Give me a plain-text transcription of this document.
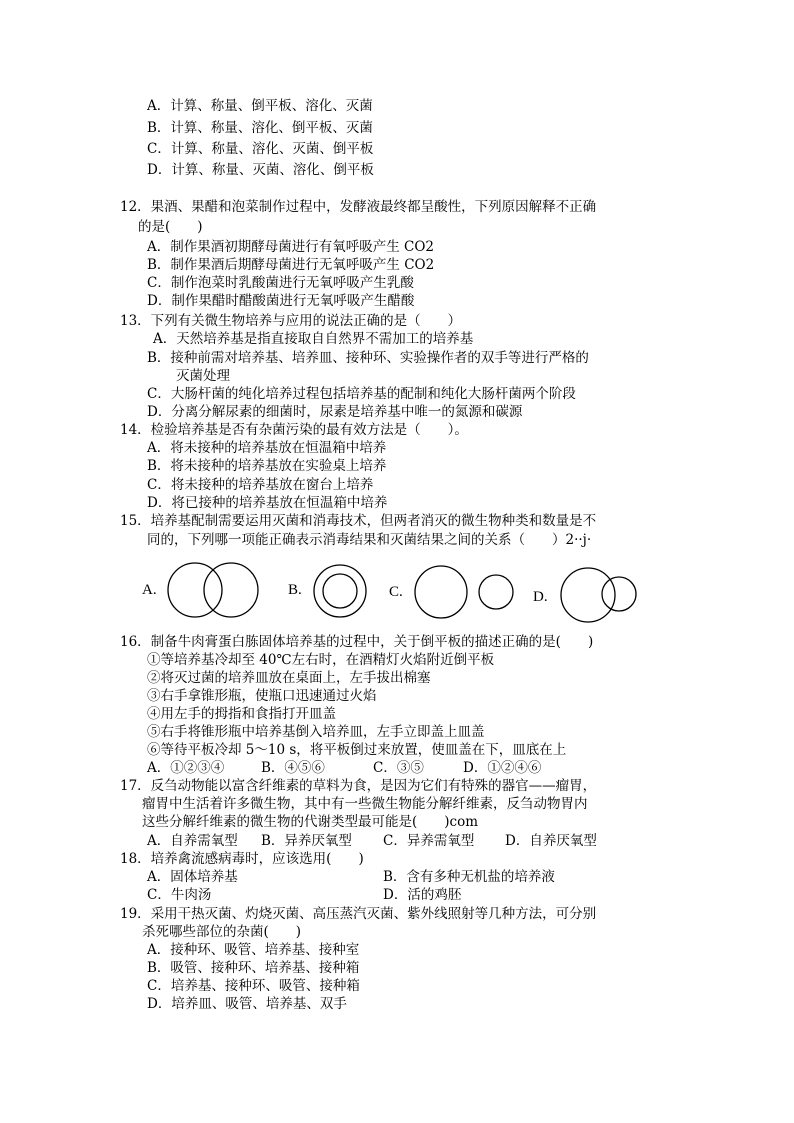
A．计算、称量、倒平板、溶化、灭菌
B．计算、称量、溶化、倒平板、灭菌
C．计算、称量、溶化、灭菌、倒平板
D．计算、称量、灭菌、溶化、倒平板
12．果酒、果醋和泡菜制作过程中，发酵液最终都呈酸性，下列原因解释不正确
的是(　　)
A．制作果酒初期酵母菌进行有氧呼吸产生 CO2
B．制作果酒后期酵母菌进行无氧呼吸产生 CO2
C．制作泡菜时乳酸菌进行无氧呼吸产生乳酸
D．制作果醋时醋酸菌进行无氧呼吸产生醋酸
13．下列有关微生物培养与应用的说法正确的是（　　）
A．天然培养基是指直接取自自然界不需加工的培养基
B．接种前需对培养基、培养皿、接种环、实验操作者的双手等进行严格的
灭菌处理
C．大肠杆菌的纯化培养过程包括培养基的配制和纯化大肠杆菌两个阶段
D．分离分解尿素的细菌时，尿素是培养基中唯一的氮源和碳源
14．检验培养基是否有杂菌污染的最有效方法是（　　）。
A．将未接种的培养基放在恒温箱中培养
B．将未接种的培养基放在实验桌上培养
C．将未接种的培养基放在窗台上培养
D．将已接种的培养基放在恒温箱中培养
15．培养基配制需要运用灭菌和消毒技术，但两者消灭的微生物种类和数量是不
同的，下列哪一项能正确表示消毒结果和灭菌结果之间的关系（　　）2··j·
A.	B.	C.	D.
16．制备牛肉膏蛋白胨固体培养基的过程中，关于倒平板的描述正确的是(　　)
①等培养基冷却至 40℃左右时，在酒精灯火焰附近倒平板
②将灭过菌的培养皿放在桌面上，左手拔出棉塞
③右手拿锥形瓶，使瓶口迅速通过火焰
④用左手的拇指和食指打开皿盖
⑤右手将锥形瓶中培养基倒入培养皿，左手立即盖上皿盖
⑥等待平板冷却 5～10 s，将平板倒过来放置，使皿盖在下，皿底在上
A．①②③④	B．④⑤⑥	C．③⑤	D．①②④⑥
17．反刍动物能以富含纤维素的草料为食，是因为它们有特殊的器官——瘤胃，
瘤胃中生活着许多微生物，其中有一些微生物能分解纤维素，反刍动物胃内
这些分解纤维素的微生物的代谢类型最可能是(　　)com
A．自养需氧型 B．异养厌氧型 C．异养需氧型 D．自养厌氧型
18．培养禽流感病毒时，应该选用(　　)
A．固体培养基	B．含有多种无机盐的培养液
C．牛肉汤	D．活的鸡胚
19．采用干热灭菌、灼烧灭菌、高压蒸汽灭菌、紫外线照射等几种方法，可分别
杀死哪些部位的杂菌(　　)
A．接种环、吸管、培养基、接种室
B．吸管、接种环、培养基、接种箱
C．培养基、接种环、吸管、接种箱
D．培养皿、吸管、培养基、双手
